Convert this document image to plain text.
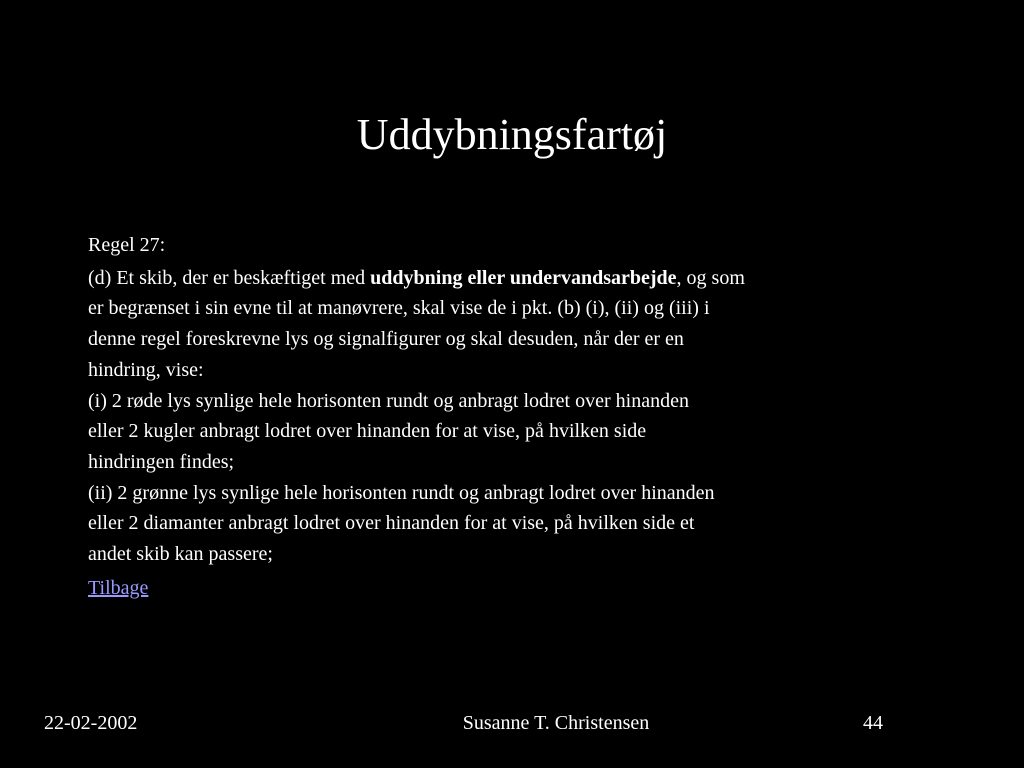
Uddybningsfartøj

Regel 27:

(d) Et skib, der er beskæftiget med uddybning eller undervandsarbejde, og som
er begrænset i sin evne til at manøvrere, skal vise de i pkt. (b) (i), (ii) og (iii) i
denne regel foreskrevne lys og signalfigurer og skal desuden, når der er en
hindring, vise:
(i) 2 røde lys synlige hele horisonten rundt og anbragt lodret over hinanden
eller 2 kugler anbragt lodret over hinanden for at vise, på hvilken side
hindringen findes;
(ii) 2 grønne lys synlige hele horisonten rundt og anbragt lodret over hinanden
eller 2 diamanter anbragt lodret over hinanden for at vise, på hvilken side et
andet skib kan passere;

Tilbage

22-02-2002	Susanne T. Christensen	44
